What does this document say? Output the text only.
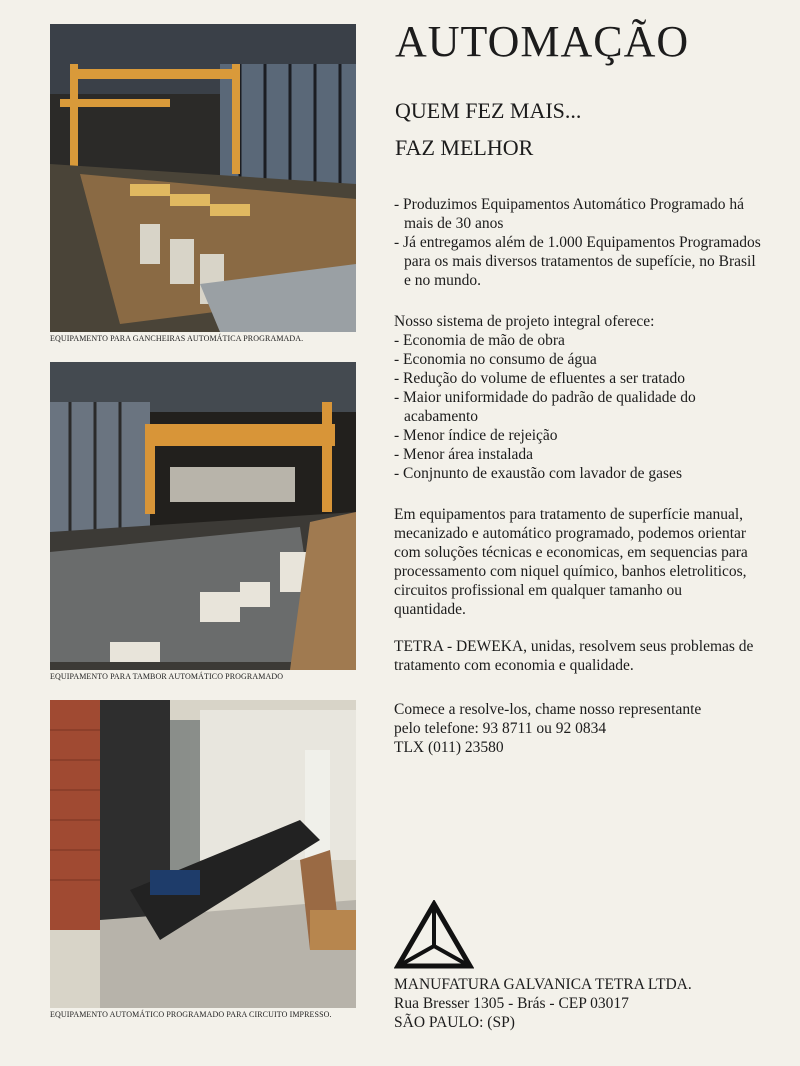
EQUIPAMENTO PARA GANCHEIRAS AUTOMÁTICA PROGRAMADA.
EQUIPAMENTO PARA TAMBOR AUTOMÁTICO PROGRAMADO
EQUIPAMENTO AUTOMÁTICO PROGRAMADO PARA CIRCUITO IMPRESSO.
AUTOMAÇÃO
QUEM FEZ MAIS...
FAZ MELHOR
- Produzimos Equipamentos Automático Programado há mais de 30 anos
- Já entregamos além de 1.000 Equipamentos Programados para os mais diversos tratamentos de supefície, no Brasil e no mundo.
Nosso sistema de projeto integral oferece:
- Economia de mão de obra
- Economia no consumo de água
- Redução do volume de efluentes a ser tratado
- Maior uniformidade do padrão de qualidade do acabamento
- Menor índice de rejeição
- Menor área instalada
- Conjnunto de exaustão com lavador de gases
Em equipamentos para tratamento de superfície manual, mecanizado e automático programado, podemos orientar com soluções técnicas e economicas, em sequencias para processamento com niquel químico, banhos eletroliticos, circuitos profissional em qualquer tamanho ou quantidade.
TETRA - DEWEKA, unidas, resolvem seus problemas de tratamento com economia e qualidade.
Comece a resolve-los, chame nosso representante
pelo telefone: 93 8711 ou 92 0834
TLX (011) 23580
MANUFATURA GALVANICA TETRA LTDA.
Rua Bresser 1305 - Brás - CEP 03017
SÃO PAULO: (SP)
